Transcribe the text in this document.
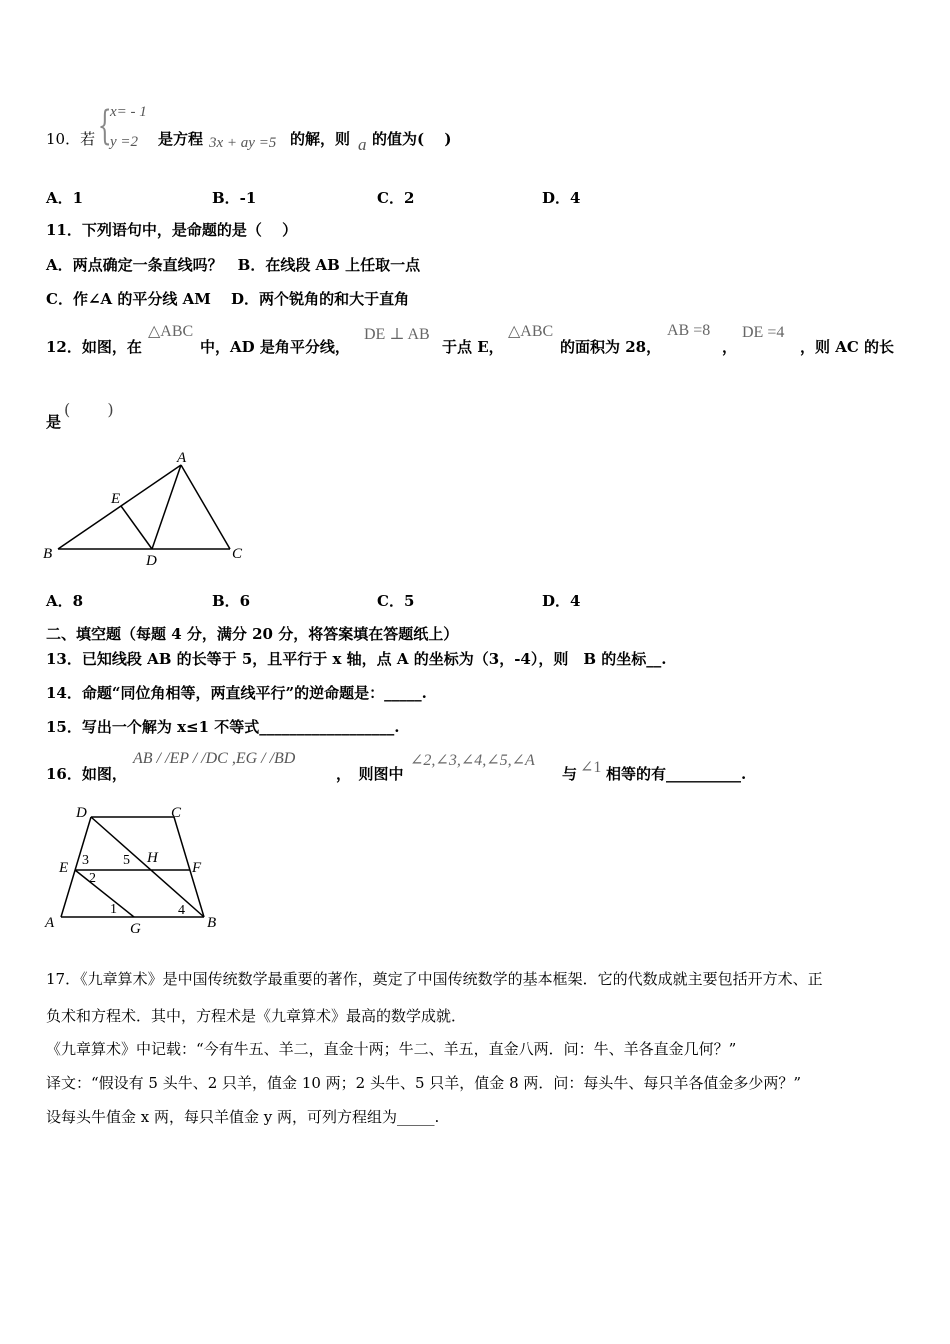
10．若 {
x= - 1
y =2 是方程 3x + ay =5 的解，则 a 的值为(　 )
A．1	B．-1	C．2	D．4
11．下列语句中，是命题的是（　 ）
A．两点确定一条直线吗？　B．在线段 AB 上任取一点
C．作∠A 的平分线 AM　 D．两个锐角的和大于直角
12．如图，在
△ABC
中，AD 是角平分线，
DE ⊥ AB
于点 E，
△ABC
的面积为 28，
AB =8
，
DE =4
，则 AC 的长
是
(　　 )
A
B	C
D
E
A．8	B．6	C．5	D．4
二、填空题（每题 4 分，满分 20 分，将答案填在答题纸上）
13．已知线段 AB 的长等于 5，且平行于 x 轴，点 A 的坐标为（3，-4），则　B 的坐标__.
14．命题“同位角相等，两直线平行”的逆命题是：_____.
15．写出一个解为 x≤1 不等式__________________.
16．如图，
AB / /EP / /DC ,EG / /BD
，　则图中
∠2,∠3,∠4,∠5,∠A
与 ∠1 相等的有__________.
D	C
E
H
F
A	G	B
1
2
3
4
5
17．《九章算术》是中国传统数学最重要的著作，奠定了中国传统数学的基本框架．它的代数成就主要包括开方术、正
负术和方程术．其中，方程术是《九章算术》最高的数学成就．
《九章算术》中记载：“今有牛五、羊二，直金十两；牛二、羊五，直金八两．问：牛、羊各直金几何？”
译文：“假设有 5 头牛、2 只羊，值金 10 两；2 头牛、5 只羊，值金 8 两．问：每头牛、每只羊各值金多少两？”
设每头牛值金 x 两，每只羊值金 y 两，可列方程组为_____.
